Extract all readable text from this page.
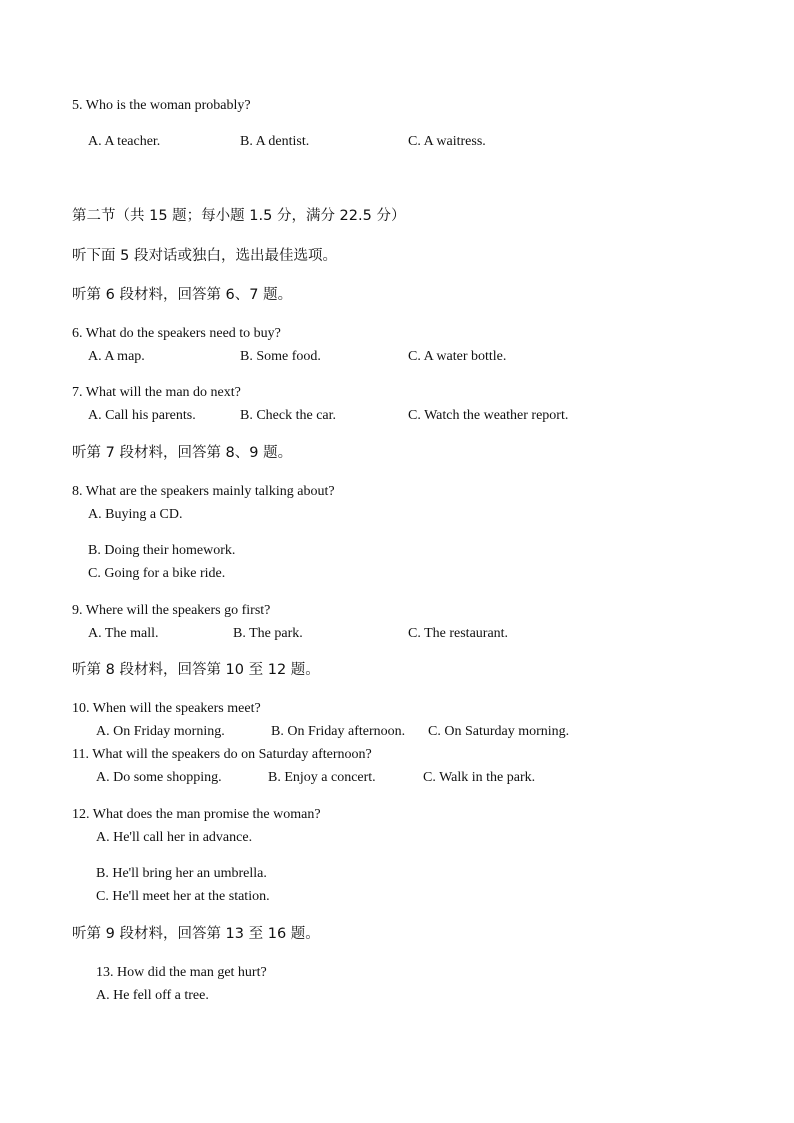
5. Who is the woman probably?
A. A teacher.	B. A dentist.	C. A waitress.
第二节（共 15 题；每小题 1.5 分，满分 22.5 分）
听下面 5 段对话或独白，选出最佳选项。
听第 6 段材料，回答第 6、7 题。
6. What do the speakers need to buy?
A. A map.	B. Some food.	C. A water bottle.
7. What will the man do next?
A. Call his parents.	B. Check the car.	C. Watch the weather report.
听第 7 段材料，回答第 8、9 题。
8. What are the speakers mainly talking about?
A. Buying a CD.
B. Doing their homework.
C. Going for a bike ride.
9. Where will the speakers go first?
A. The mall.	B. The park.	C. The restaurant.
听第 8 段材料，回答第 10 至 12 题。
10. When will the speakers meet?
A. On Friday morning.	B. On Friday afternoon. C. On Saturday morning.
11. What will the speakers do on Saturday afternoon?
A. Do some shopping.	B. Enjoy a concert.	C. Walk in the park.
12. What does the man promise the woman?
A. He'll call her in advance.
B. He'll bring her an umbrella.
C. He'll meet her at the station.
听第 9 段材料，回答第 13 至 16 题。
13. How did the man get hurt?
A. He fell off a tree.
